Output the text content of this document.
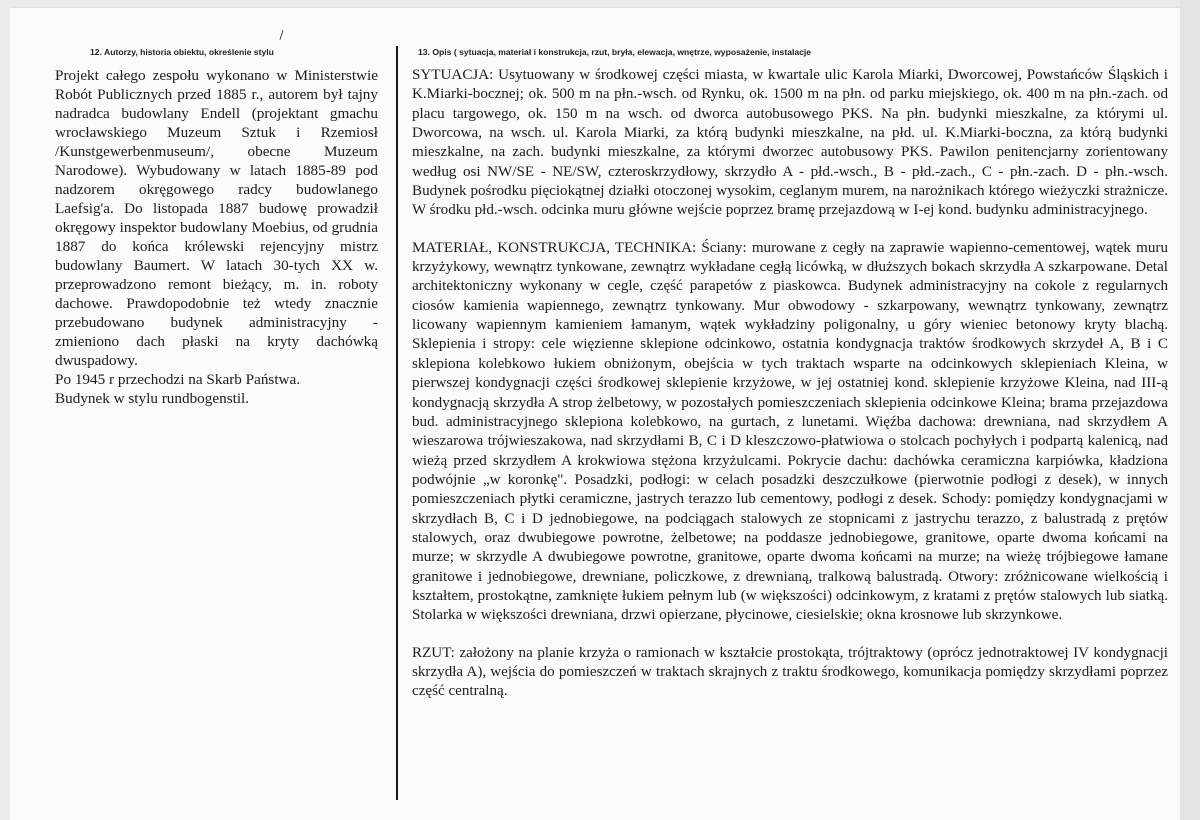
12. Autorzy, historia obiektu, określenie stylu	13. Opis ( sytuacja, materiał i konstrukcja, rzut, bryła, elewacja, wnętrze, wyposażenie, instalacje

Projekt całego zespołu wykonano w Ministerstwie Robót Publicznych przed 1885 r., autorem był tajny nadradca budowlany Endell (projektant gmachu wrocławskiego Muzeum Sztuk i Rzemiosł /Kunstgewerbenmuseum/, obecne Muzeum Narodowe). Wybudowany w latach 1885-89 pod nadzorem okręgowego radcy budowlanego Laefsig'a. Do listopada 1887 budowę prowadził okręgowy inspektor budowlany Moebius, od grudnia 1887 do końca królewski rejencyjny mistrz budowlany Baumert. W latach 30-tych XX w. przeprowadzono remont bieżący, m. in. roboty dachowe. Prawdopodobnie też wtedy znacznie przebudowano budynek administracyjny - zmieniono dach płaski na kryty dachówką dwuspadowy.

Po 1945 r przechodzi na Skarb Państwa.

Budynek w stylu rundbogenstil.

SYTUACJA: Usytuowany w środkowej części miasta, w kwartale ulic Karola Miarki, Dworcowej, Powstańców Śląskich i K.Miarki-bocznej; ok. 500 m na płn.-wsch. od Rynku, ok. 1500 m na płn. od parku miejskiego, ok. 400 m na płn.-zach. od placu targowego, ok. 150 m na wsch. od dworca autobusowego PKS. Na płn. budynki mieszkalne, za którymi ul. Dworcowa, na wsch. ul. Karola Miarki, za którą budynki mieszkalne, na płd. ul. K.Miarki-boczna, za którą budynki mieszkalne, na zach. budynki mieszkalne, za którymi dworzec autobusowy PKS. Pawilon penitencjarny zorientowany według osi NW/SE - NE/SW, czteroskrzydłowy, skrzydło A - płd.-wsch., B - płd.-zach., C - płn.-zach. D - płn.-wsch. Budynek pośrodku pięciokątnej działki otoczonej wysokim, ceglanym murem, na narożnikach którego wieżyczki strażnicze. W środku płd.-wsch. odcinka muru główne wejście poprzez bramę przejazdową w I-ej kond. budynku administracyjnego.

MATERIAŁ, KONSTRUKCJA, TECHNIKA: Ściany: murowane z cegły na zaprawie wapienno-cementowej, wątek muru krzyżykowy, wewnątrz tynkowane, zewnątrz wykładane cegłą licówką, w dłuższych bokach skrzydła A szkarpowane. Detal architektoniczny wykonany w cegle, część parapetów z piaskowca. Budynek administracyjny na cokole z regularnych ciosów kamienia wapiennego, zewnątrz tynkowany. Mur obwodowy - szkarpowany, wewnątrz tynkowany, zewnątrz licowany wapiennym kamieniem łamanym, wątek wykładziny poligonalny, u góry wieniec betonowy kryty blachą. Sklepienia i stropy: cele więzienne sklepione odcinkowo, ostatnia kondygnacja traktów środkowych skrzydeł A, B i C sklepiona kolebkowo łukiem obniżonym, obejścia w tych traktach wsparte na odcinkowych sklepieniach Kleina, w pierwszej kondygnacji części środkowej sklepienie krzyżowe, w jej ostatniej kond. sklepienie krzyżowe Kleina, nad III-ą kondygnacją skrzydła A strop żelbetowy, w pozostałych pomieszczeniach sklepienia odcinkowe Kleina; brama przejazdowa bud. administracyjnego sklepiona kolebkowo, na gurtach, z lunetami. Więźba dachowa: drewniana, nad skrzydłem A wieszarowa trójwieszakowa, nad skrzydłami B, C i D kleszczowo-płatwiowa o stolcach pochyłych i podpartą kalenicą, nad wieżą przed skrzydłem A krokwiowa stężona krzyżulcami. Pokrycie dachu: dachówka ceramiczna karpiówka, kładziona podwójnie „w koronkę". Posadzki, podłogi: w celach posadzki deszczułkowe (pierwotnie podłogi z desek), w innych pomieszczeniach płytki ceramiczne, jastrych terazzo lub cementowy, podłogi z desek. Schody: pomiędzy kondygnacjami w skrzydłach B, C i D jednobiegowe, na podciągach stalowych ze stopnicami z jastrychu terazzo, z balustradą z prętów stalowych, oraz dwubiegowe powrotne, żelbetowe; na poddasze jednobiegowe, granitowe, oparte dwoma końcami na murze; w skrzydle A dwubiegowe powrotne, granitowe, oparte dwoma końcami na murze; na wieżę trójbiegowe łamane granitowe i jednobiegowe, drewniane, policzkowe, z drewnianą, tralkową balustradą. Otwory: zróżnicowane wielkością i kształtem, prostokątne, zamknięte łukiem pełnym lub (w większości) odcinkowym, z kratami z prętów stalowych lub siatką. Stolarka w większości drewniana, drzwi opierzane, płycinowe, ciesielskie; okna krosnowe lub skrzynkowe.

RZUT: założony na planie krzyża o ramionach w kształcie prostokąta, trójtraktowy (oprócz jednotraktowej IV kondygnacji skrzydła A), wejścia do pomieszczeń w traktach skrajnych z traktu środkowego, komunikacja pomiędzy skrzydłami poprzez część centralną.
